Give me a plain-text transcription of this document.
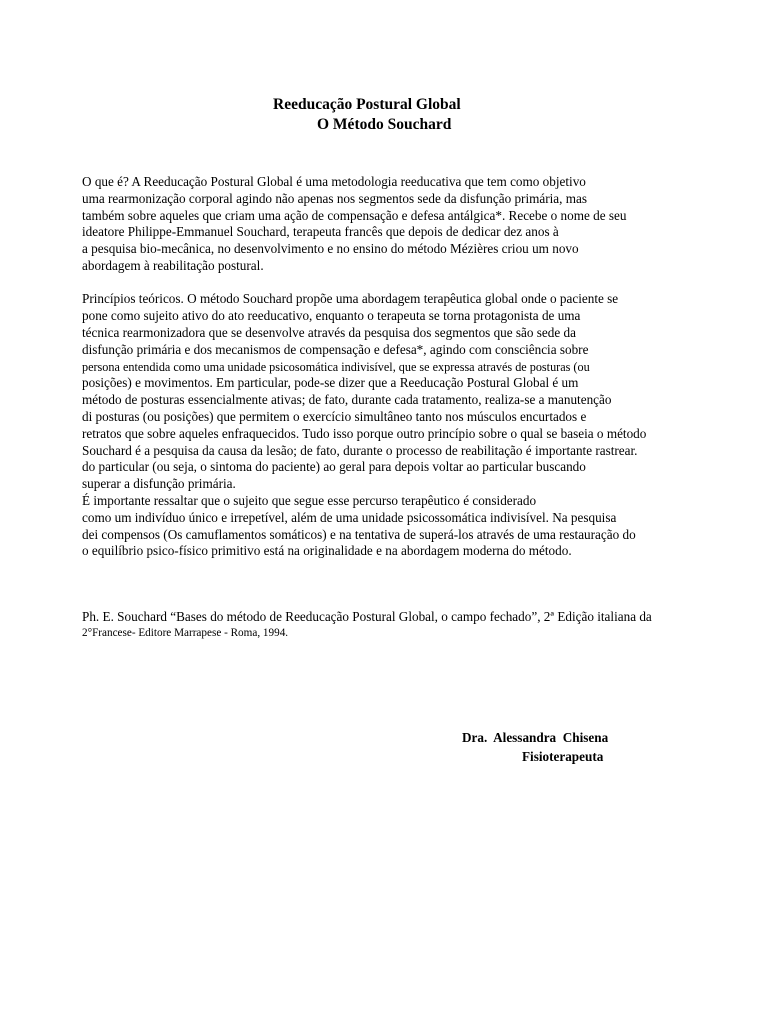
Reeducação Postural Global
O Método Souchard

O que é? A Reeducação Postural Global é uma metodologia reeducativa que tem como objetivo
uma rearmonização corporal agindo não apenas nos segmentos sede da disfunção primária, mas
também sobre aqueles que criam uma ação de compensação e defesa antálgica*. Recebe o nome de seu
ideatore Philippe-Emmanuel Souchard, terapeuta francês que depois de dedicar dez anos à
a pesquisa bio-mecânica, no desenvolvimento e no ensino do método Mézières criou um novo
abordagem à reabilitação postural.

Princípios teóricos. O método Souchard propõe uma abordagem terapêutica global onde o paciente se
pone como sujeito ativo do ato reeducativo, enquanto o terapeuta se torna protagonista de uma
técnica rearmonizadora que se desenvolve através da pesquisa dos segmentos que são sede da
disfunção primária e dos mecanismos de compensação e defesa*, agindo com consciência sobre
persona entendida como uma unidade psicosomática indivisível, que se expressa através de posturas (ou
posições) e movimentos. Em particular, pode-se dizer que a Reeducação Postural Global é um
método de posturas essencialmente ativas; de fato, durante cada tratamento, realiza-se a manutenção
di posturas (ou posições) que permitem o exercício simultâneo tanto nos músculos encurtados e
retratos que sobre aqueles enfraquecidos. Tudo isso porque outro princípio sobre o qual se baseia o método
Souchard é a pesquisa da causa da lesão; de fato, durante o processo de reabilitação é importante rastrear.
do particular (ou seja, o sintoma do paciente) ao geral para depois voltar ao particular buscando
superar a disfunção primária.
É importante ressaltar que o sujeito que segue esse percurso terapêutico é considerado
como um indivíduo único e irrepetível, além de uma unidade psicossomática indivisível. Na pesquisa
dei compensos (Os camuflamentos somáticos) e na tentativa de superá-los através de uma restauração do
o equilíbrio psico-físico primitivo está na originalidade e na abordagem moderna do método.

Ph. E. Souchard “Bases do método de Reeducação Postural Global, o campo fechado”, 2ª Edição italiana da
2°Francese- Editore Marrapese - Roma, 1994.
Dra.  Alessandra  Chisena
Fisioterapeuta
